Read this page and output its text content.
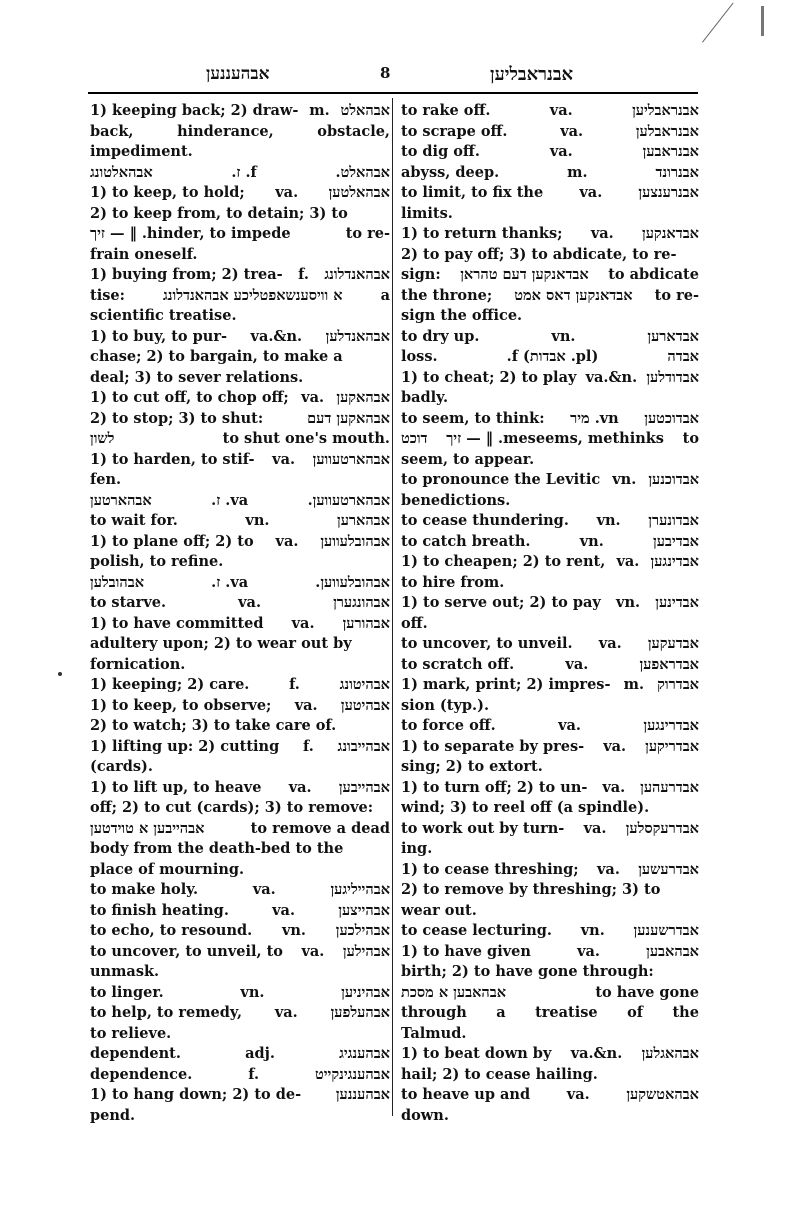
אבהעננען	8	אבנראבליען
1) keeping back; 2) draw- m. אבהאלט
back,	hinderance,	obstacle,
impediment.
אבהאלטונג	f. ז.	אבהאלט.
1) to keep, to hold; va. אבהאלטען
2) to keep from, to detain; 3) to
hinder, to impede. ‖ — זיך	to re-
frain oneself.
1) buying from; 2) trea- f. אבהאנדלונג
tise:	א וויסענשאפטליכע אבהאנדלונג	a
scientific treatise.
1) to buy, to pur- va.&n. אבהאנדלען
chase; 2) to bargain, to make a
deal; 3) to sever relations.
1) to cut off, to chop off; va. אבהאקען
2) to stop; 3) to shut:	אבהאקען דעם
לשון	to shut one's mouth.
1) to harden, to stif- va. אבהארטעווען
fen.
אבהארטען	va. ז.	אבהארטעווען.
to wait for.	vn.	אבהארען
1) to plane off; 2) to va. אבהובלעווען
polish, to refine.
אבהובלען	va. ז.	אבהובלעווען.
to starve.	va.	אבהונגערן
1) to have committed va. אבהורען
adultery upon; 2) to wear out by
fornication.
1) keeping; 2) care.	f.	אבהיטונג
1) to keep, to observe; va. אבהיטען
2) to watch; 3) to take care of.
1) lifting up: 2) cutting f. אבהייבונג
(cards).
1) to lift up, to heave va. אבהייבען
off; 2) to cut (cards); 3) to remove:
אבהייבען א טוידטען	to remove a dead
body from the death-bed to the
place of mourning.
to make holy.	va.	אבהייליגען
to finish heating.	va.	אבהייצען
to echo, to resound. vn. אבהילכען
to uncover, to unveil, to va. אבהילען
unmask.
to linger.	vn.	אבהיניען
to help, to remedy, va. אבהעלפען
to relieve.
dependent.	adj.	אבהענגיג
dependence.	f.	אבהענגינקייט
1) to hang down; 2) to de- אבהעננען
pend.
to rake off.	va.	אבנראבליען
to scrape off.	va.	אבנראבלען
to dig off.	va.	אבנראבען
abyss, deep.	m.	אבנרונד
to limit, to fix the va. אבנרענצען
limits.
1) to return thanks; va. אבדאנקען
2) to pay off; 3) to abdicate, to re-
sign: אבדאנקען דעם טהראן to abdicate
the throne; אבדאנקען דאס אמט to re-
sign the office.
to dry up.	vn.	אבדארען
loss.	(pl. אבדות) f.	אבדה
1) to cheat; 2) to play va.&n. אבדודלען
badly.
to seem, to think: vn. מיר אבדוכטען
דוכט meseems, methinks. ‖ — זיך to
seem, to appear.
to pronounce the Levitic vn. אבדוכנען
benedictions.
to cease thundering. vn. אבדונערן
to catch breath.	vn.	אבדיבען
1) to cheapen; 2) to rent, va. אבדינגען
to hire from.
1) to serve out; 2) to pay vn. אבדינען
off.
to uncover, to unveil. va. אבדעקען
to scratch off.	va.	אבדראפען
1) mark, print; 2) impres- m. אבדרוק
sion (typ.).
to force off.	va.	אבדרינגען
1) to separate by pres- va. אבדריקען
sing; 2) to extort.
1) to turn off; 2) to un- va. אבדרעהען
wind; 3) to reel off (a spindle).
to work out by turn- va. אבדרעקסלען
ing.
1) to cease threshing; va. אבדרעשען
2) to remove by threshing; 3) to
wear out.
to cease lecturing. vn. אבדרשענען
1) to have given	va.	אבהאבען
birth; 2) to have gone through:
אבהאבען א מסכת	to have gone
through a treatise of the
Talmud.
1) to beat down by va.&n. אבהאגלען
hail; 2) to cease hailing.
to heave up and	va.	אבהאטשקען
down.
